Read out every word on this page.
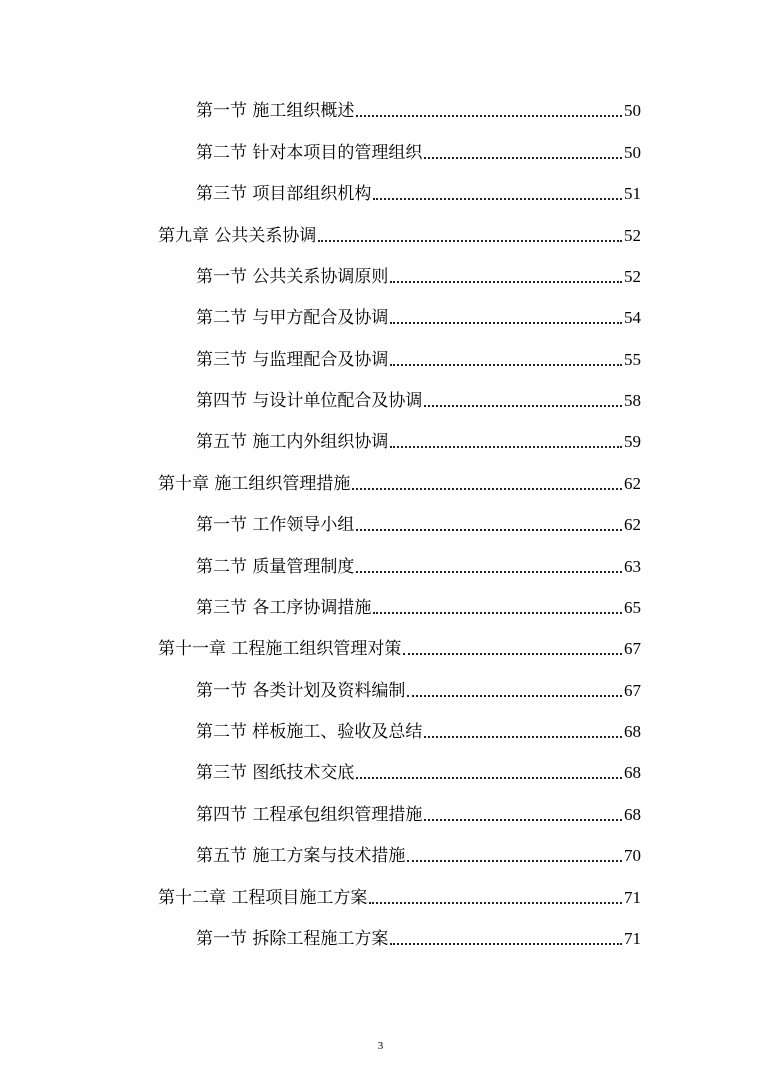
第一节 施工组织概述	50
第二节 针对本项目的管理组织	50
第三节 项目部组织机构	51
第九章 公共关系协调	52
第一节 公共关系协调原则	52
第二节 与甲方配合及协调	54
第三节 与监理配合及协调	55
第四节 与设计单位配合及协调	58
第五节 施工内外组织协调	59
第十章 施工组织管理措施	62
第一节 工作领导小组	62
第二节 质量管理制度	63
第三节 各工序协调措施	65
第十一章 工程施工组织管理对策	67
第一节 各类计划及资料编制	67
第二节 样板施工、验收及总结	68
第三节 图纸技术交底	68
第四节 工程承包组织管理措施	68
第五节 施工方案与技术措施	70
第十二章 工程项目施工方案	71
第一节 拆除工程施工方案	71
3
